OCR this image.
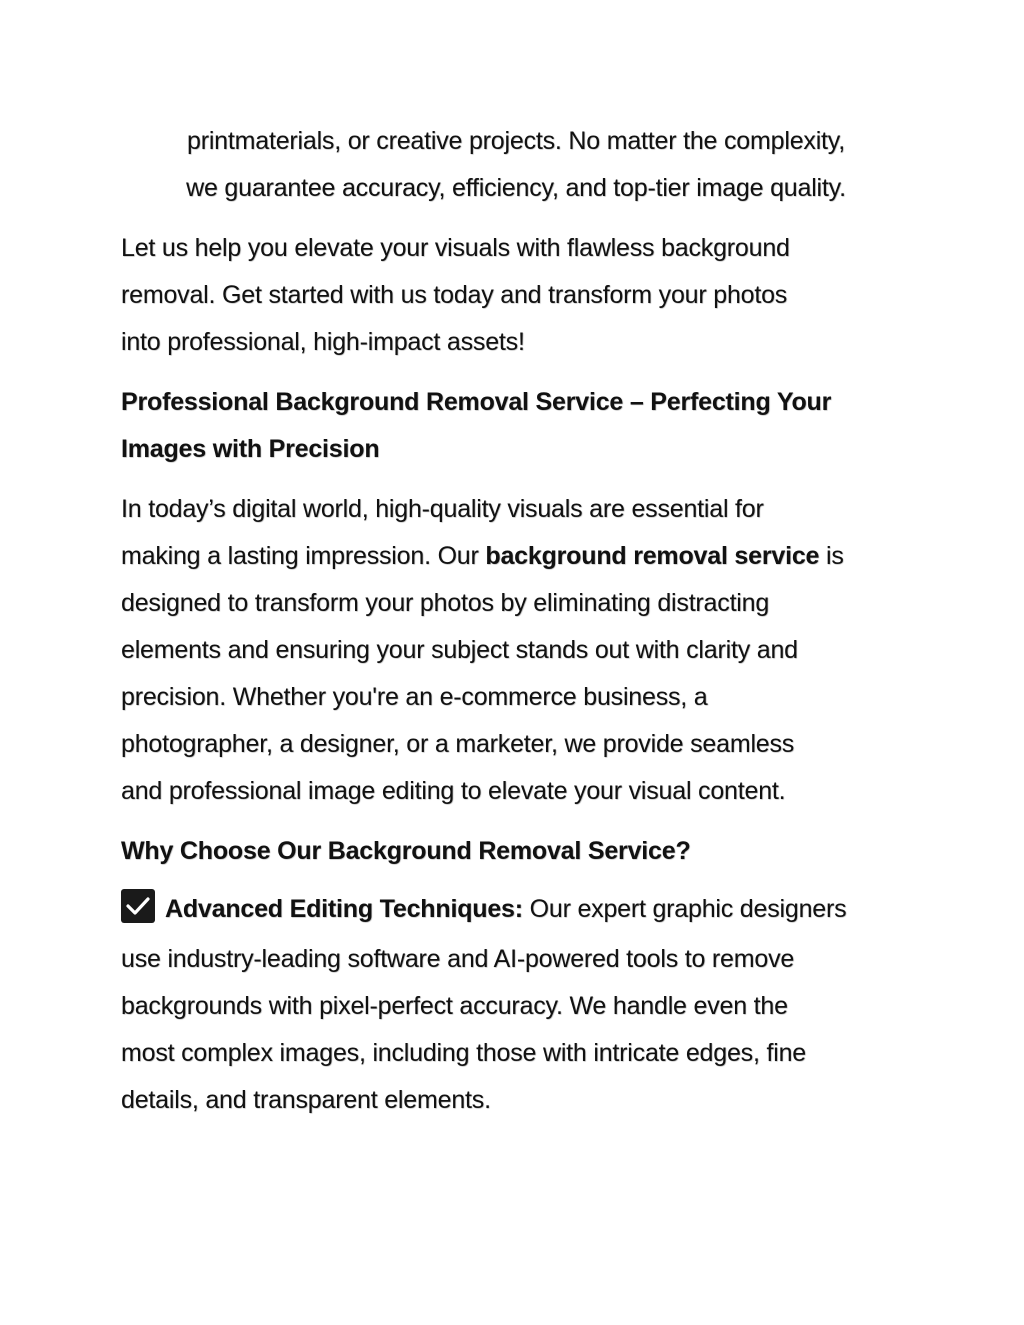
printmaterials, or creative projects. No matter the complexity,
we guarantee accuracy, efficiency, and top-tier image quality.
Let us help you elevate your visuals with flawless background
removal. Get started with us today and transform your photos
into professional, high-impact assets!
Professional Background Removal Service – Perfecting Your
Images with Precision
In today’s digital world, high-quality visuals are essential for
making a lasting impression. Our background removal service is
designed to transform your photos by eliminating distracting
elements and ensuring your subject stands out with clarity and
precision. Whether you're an e-commerce business, a
photographer, a designer, or a marketer, we provide seamless
and professional image editing to elevate your visual content.
Why Choose Our Background Removal Service?
Advanced Editing Techniques: Our expert graphic designers
use industry-leading software and AI-powered tools to remove
backgrounds with pixel-perfect accuracy. We handle even the
most complex images, including those with intricate edges, fine
details, and transparent elements.
